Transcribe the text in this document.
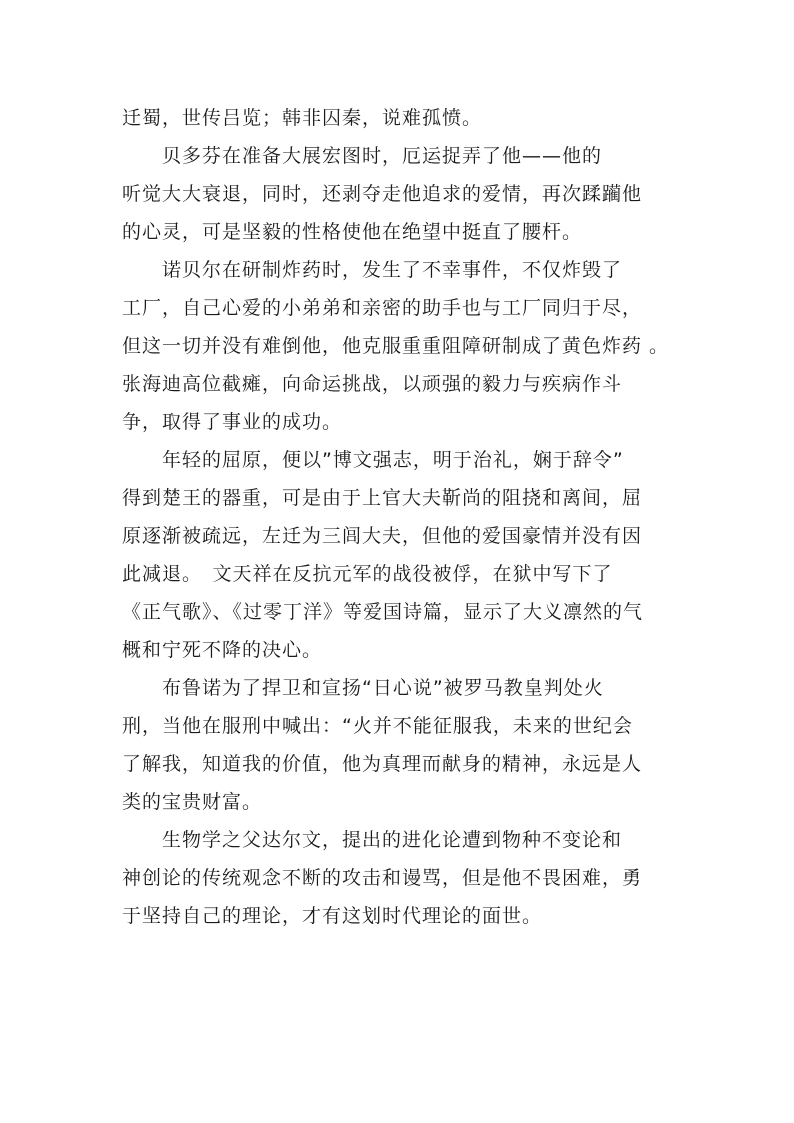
迁蜀，世传吕览；韩非囚秦，说难孤愤。
　　贝多芬在准备大展宏图时，厄运捉弄了他——他的
听觉大大衰退，同时，还剥夺走他追求的爱情，再次蹂躏他
的心灵，可是坚毅的性格使他在绝望中挺直了腰杆。
　　诺贝尔在研制炸药时，发生了不幸事件，不仅炸毁了
工厂，自己心爱的小弟弟和亲密的助手也与工厂同归于尽，
但这一切并没有难倒他，他克服重重阻障研制成了黄色炸药 。
张海迪高位截瘫，向命运挑战，以顽强的毅力与疾病作斗
争，取得了事业的成功。
　　年轻的屈原，便以”博文强志，明于治礼，娴于辞令”
得到楚王的器重，可是由于上官大夫靳尚的阻挠和离间，屈
原逐渐被疏远，左迁为三闾大夫，但他的爱国豪情并没有因
此减退。　文天祥在反抗元军的战役被俘，在狱中写下了
《正气歌》、《过零丁洋》等爱国诗篇，显示了大义凛然的气
概和宁死不降的决心。
　　布鲁诺为了捍卫和宣扬“日心说”被罗马教皇判处火
刑，当他在服刑中喊出：“火并不能征服我，未来的世纪会
了解我，知道我的价值，他为真理而献身的精神，永远是人
类的宝贵财富。
　　生物学之父达尔文，提出的进化论遭到物种不变论和
神创论的传统观念不断的攻击和谩骂，但是他不畏困难，勇
于坚持自己的理论，才有这划时代理论的面世。
